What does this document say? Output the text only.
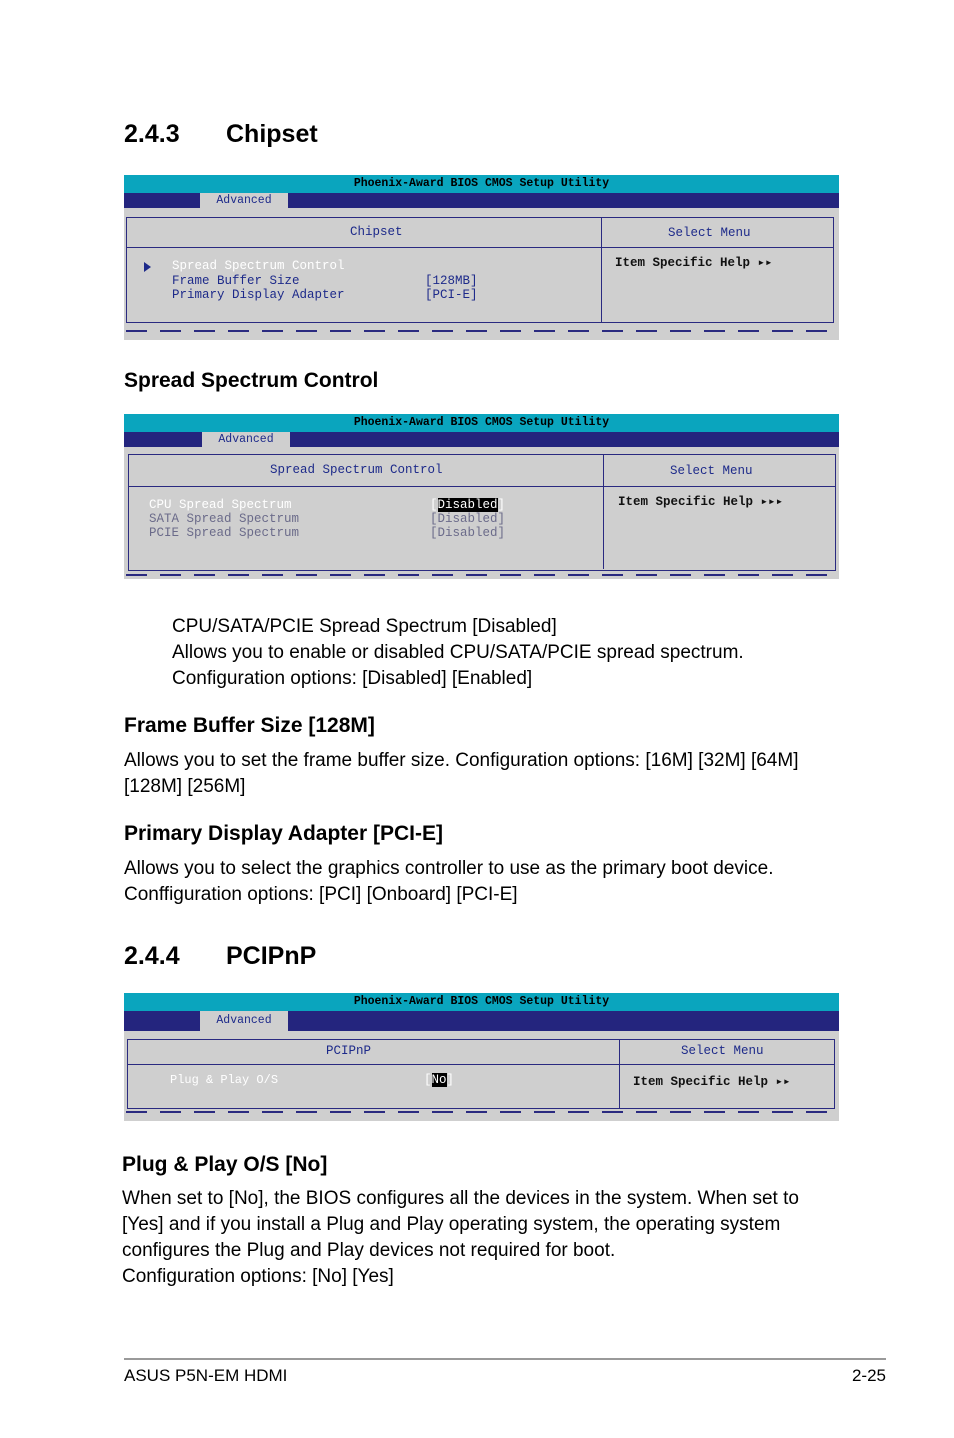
2.4.3 Chipset
Phoenix-Award BIOS CMOS Setup Utility
Advanced
Chipset	Select Menu
Item Specific Help ▸▸
Spread Spectrum Control
Frame Buffer Size	[128MB]
Primary Display Adapter	[PCI-E]
Spread Spectrum Control
Phoenix-Award BIOS CMOS Setup Utility
Advanced
Spread Spectrum Control	Select Menu
Item Specific Help ▸▸▸
CPU Spread Spectrum	[Disabled]
SATA Spread Spectrum	[Disabled]
PCIE Spread Spectrum	[Disabled]
CPU/SATA/PCIE Spread Spectrum [Disabled]
Allows you to enable or disabled CPU/SATA/PCIE spread spectrum.
Configuration options: [Disabled] [Enabled]
Frame Buffer Size [128M]
Allows you to set the frame buffer size. Configuration options: [16M] [32M] [64M]
[128M] [256M]
Primary Display Adapter [PCI-E]
Allows you to select the graphics controller to use as the primary boot device.
Conffiguration options: [PCI] [Onboard] [PCI-E]
2.4.4 PCIPnP
Phoenix-Award BIOS CMOS Setup Utility
Advanced
PCIPnP	Select Menu
Item Specific Help ▸▸
Plug & Play O/S	[No]
Plug & Play O/S [No]
When set to [No], the BIOS configures all the devices in the system. When set to
[Yes] and if you install a Plug and Play operating system, the operating system
configures the Plug and Play devices not required for boot.
Configuration options: [No] [Yes]
ASUS P5N-EM HDMI	2-25
